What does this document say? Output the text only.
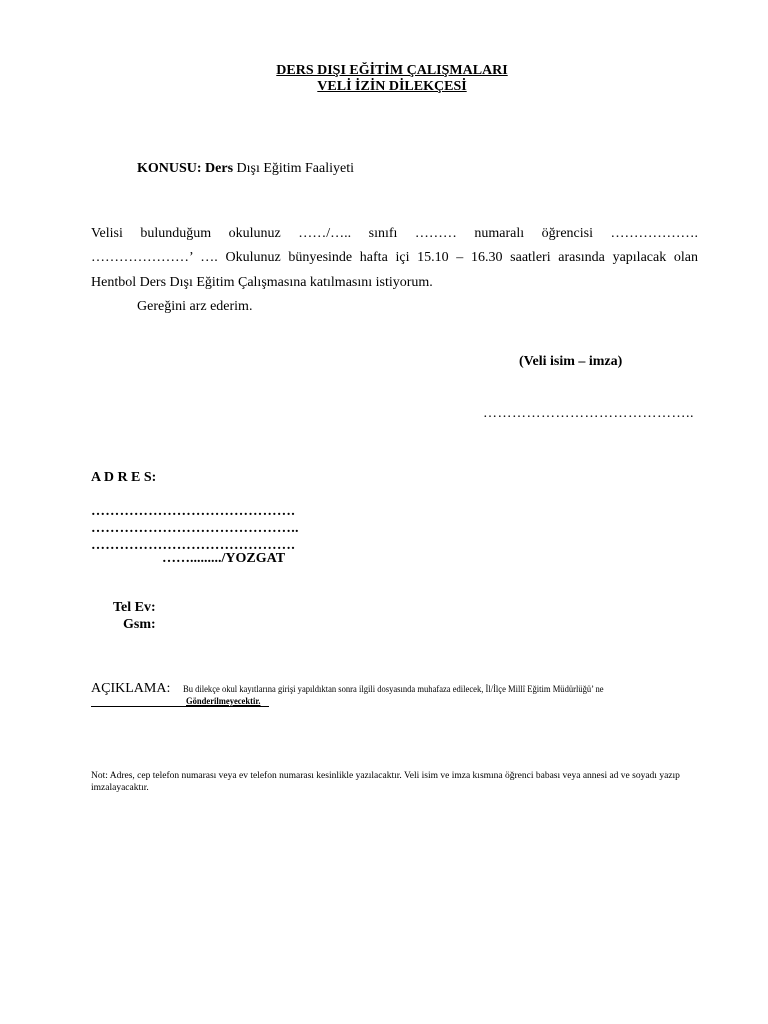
DERS DIŞI EĞİTİM ÇALIŞMALARI
VELİ İZİN DİLEKÇESİ
KONUSU: Ders Dışı Eğitim Faaliyeti
Velisi bulunduğum okulunuz ……/….. sınıfı ……… numaralı öğrencisi ……………….
…………………’ …. Okulunuz bünyesinde hafta içi 15.10 – 16.30 saatleri arasında yapılacak olan
Hentbol Ders Dışı Eğitim Çalışmasına katılmasını istiyorum.
Gereğini arz ederim.
(Veli isim – imza)
……………………………………..
A D R E S:
…………………………………….
……………………………………..
…………………………………….
……........./YOZGAT
Tel Ev:
Gsm:
AÇIKLAMA: Bu dilekçe okul kayıtlarına girişi yapıldıktan sonra ilgili dosyasında muhafaza edilecek, İl/İlçe Millî Eğitim Müdürlüğü’ ne
Gönderilmeyecektir.
Not: Adres, cep telefon numarası veya ev telefon numarası kesinlikle yazılacaktır. Veli isim ve imza kısmına öğrenci babası veya annesi ad ve soyadı yazıp imzalayacaktır.
